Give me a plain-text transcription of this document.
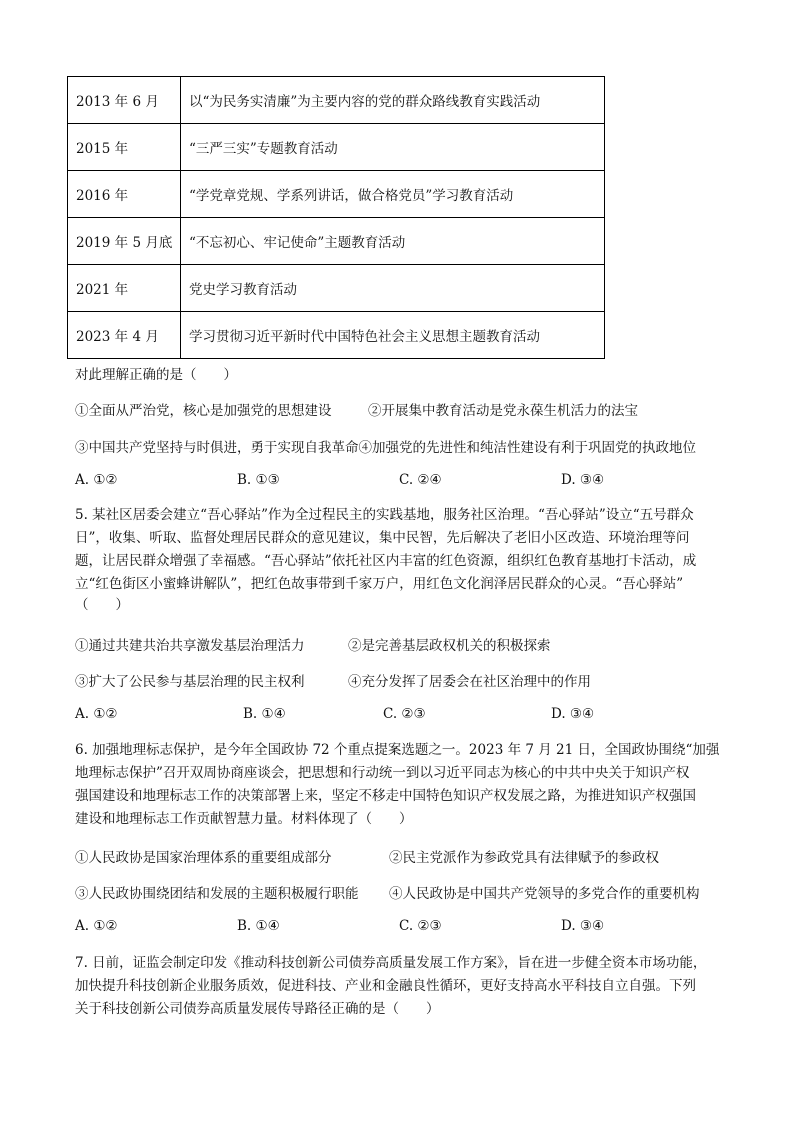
2013 年 6 月	以“为民务实清廉”为主要内容的党的群众路线教育实践活动
2015 年	“三严三实”专题教育活动
2016 年	“学党章党规、学系列讲话，做合格党员”学习教育活动
2019 年 5 月底	“不忘初心、牢记使命”主题教育活动
2021 年	党史学习教育活动
2023 年 4 月	学习贯彻习近平新时代中国特色社会主义思想主题教育活动
对此理解正确的是（　　）
①全面从严治党，核心是加强党的思想建设	②开展集中教育活动是党永葆生机活力的法宝
③中国共产党坚持与时俱进，勇于实现自我革命④加强党的先进性和纯洁性建设有利于巩固党的执政地位
A. ①②	B. ①③	C. ②④	D. ③④
5. 某社区居委会建立“吾心驿站”作为全过程民主的实践基地，服务社区治理。“吾心驿站”设立“五号群众
日”，收集、听取、监督处理居民群众的意见建议，集中民智，先后解决了老旧小区改造、环境治理等问
题，让居民群众增强了幸福感。“吾心驿站”依托社区内丰富的红色资源，组织红色教育基地打卡活动，成
立“红色街区小蜜蜂讲解队”，把红色故事带到千家万户，用红色文化润泽居民群众的心灵。“吾心驿站”
（　　）
①通过共建共治共享激发基层治理活力	②是完善基层政权机关的积极探索
③扩大了公民参与基层治理的民主权利	④充分发挥了居委会在社区治理中的作用
A. ①②	B. ①④	C. ②③	D. ③④
6. 加强地理标志保护，是今年全国政协 72 个重点提案选题之一。2023 年 7 月 21 日，全国政协围绕“加强
地理标志保护”召开双周协商座谈会，把思想和行动统一到以习近平同志为核心的中共中央关于知识产权
强国建设和地理标志工作的决策部署上来，坚定不移走中国特色知识产权发展之路，为推进知识产权强国
建设和地理标志工作贡献智慧力量。材料体现了（　　）
①人民政协是国家治理体系的重要组成部分	②民主党派作为参政党具有法律赋予的参政权
③人民政协围绕团结和发展的主题积极履行职能 ④人民政协是中国共产党领导的多党合作的重要机构
A. ①②	B. ①④	C. ②③	D. ③④
7. 日前，证监会制定印发《推动科技创新公司债券高质量发展工作方案》，旨在进一步健全资本市场功能，
加快提升科技创新企业服务质效，促进科技、产业和金融良性循环，更好支持高水平科技自立自强。下列
关于科技创新公司债券高质量发展传导路径正确的是（　　）
